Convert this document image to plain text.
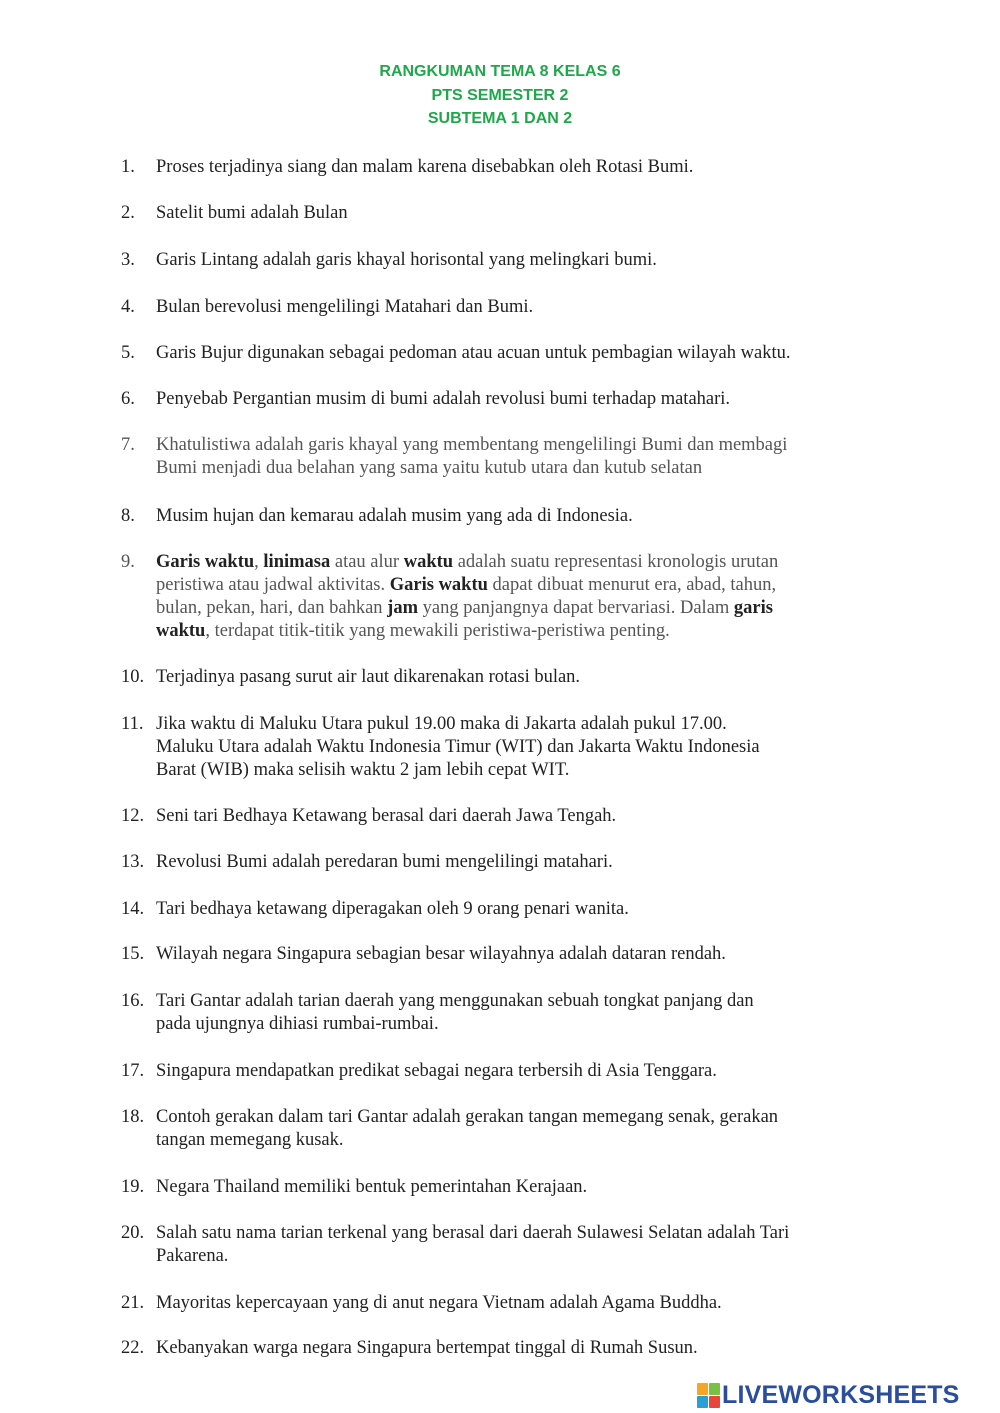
RANGKUMAN TEMA 8 KELAS 6
PTS SEMESTER 2
SUBTEMA 1 DAN 2
1.	Proses terjadinya siang dan malam karena disebabkan oleh Rotasi Bumi.
2.	Satelit bumi adalah Bulan
3.	Garis Lintang adalah garis khayal horisontal yang melingkari bumi.
4.	Bulan berevolusi mengelilingi Matahari dan Bumi.
5.	Garis Bujur digunakan sebagai pedoman atau acuan untuk pembagian wilayah waktu.
6.	Penyebab Pergantian musim di bumi adalah revolusi bumi terhadap matahari.
7.	Khatulistiwa adalah garis khayal yang membentang mengelilingi Bumi dan membagi
Bumi menjadi dua belahan yang sama yaitu kutub utara dan kutub selatan
8.	Musim hujan dan kemarau adalah musim yang ada di Indonesia.
9.	Garis waktu, linimasa atau alur waktu adalah suatu representasi kronologis urutan
peristiwa atau jadwal aktivitas. Garis waktu dapat dibuat menurut era, abad, tahun,
bulan, pekan, hari, dan bahkan jam yang panjangnya dapat bervariasi. Dalam garis
waktu, terdapat titik-titik yang mewakili peristiwa-peristiwa penting.
10. Terjadinya pasang surut air laut dikarenakan rotasi bulan.
11. Jika waktu di Maluku Utara pukul 19.00 maka di Jakarta adalah pukul 17.00.
Maluku Utara adalah Waktu Indonesia Timur (WIT) dan Jakarta Waktu Indonesia
Barat (WIB) maka selisih waktu 2 jam lebih cepat WIT.
12. Seni tari Bedhaya Ketawang berasal dari daerah Jawa Tengah.
13. Revolusi Bumi adalah peredaran bumi mengelilingi matahari.
14. Tari bedhaya ketawang diperagakan oleh 9 orang penari wanita.
15. Wilayah negara Singapura sebagian besar wilayahnya adalah dataran rendah.
16. Tari Gantar adalah tarian daerah yang menggunakan sebuah tongkat panjang dan
pada ujungnya dihiasi rumbai-rumbai.
17. Singapura mendapatkan predikat sebagai negara terbersih di Asia Tenggara.
18. Contoh gerakan dalam tari Gantar adalah gerakan tangan memegang senak, gerakan
tangan memegang kusak.
19. Negara Thailand memiliki bentuk pemerintahan Kerajaan.
20. Salah satu nama tarian terkenal yang berasal dari daerah Sulawesi Selatan adalah Tari
Pakarena.
21. Mayoritas kepercayaan yang di anut negara Vietnam adalah Agama Buddha.
22. Kebanyakan warga negara Singapura bertempat tinggal di Rumah Susun.
LIVEWORKSHEETS
